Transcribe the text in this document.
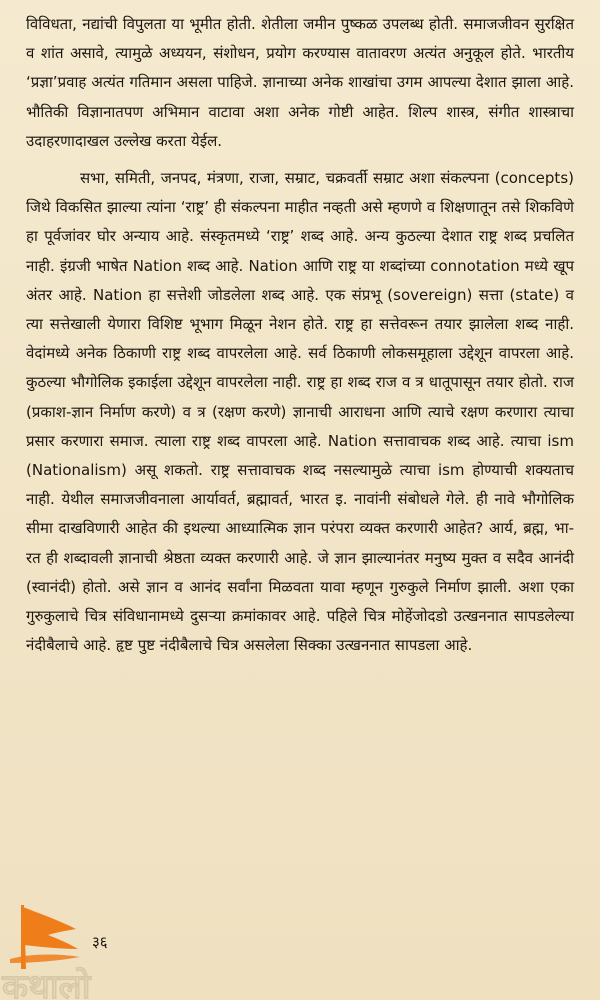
विविधता, नद्यांची विपुलता या भूमीत होती. शेतीला जमीन पुष्कळ उपलब्ध होती. समाजजीवन सुरक्षित व शांत असावे, त्यामुळे अध्ययन, संशोधन, प्रयोग करण्यास वातावरण अत्यंत अनुकूल होते. भारतीय ‘प्रज्ञा’प्रवाह अत्यंत गतिमान असला पाहिजे. ज्ञानाच्या अनेक शाखांचा उगम आपल्या देशात झाला आहे. भौतिकी विज्ञानातपण अभिमान वाटावा अशा अनेक गोष्टी आहेत. शिल्प शास्त्र, संगीत शास्त्राचा उदाहरणादाखल उल्लेख करता येईल.

सभा, समिती, जनपद, मंत्रणा, राजा, सम्राट, चक्रवर्ती सम्राट अशा संकल्पना (concepts) जिथे विकसित झाल्या त्यांना ‘राष्ट्र’ ही संकल्पना माहीत नव्हती असे म्हणणे व शिक्षणातून तसे शिकविणे हा पूर्वजांवर घोर अन्याय आहे. संस्कृतमध्ये ‘राष्ट्र’ शब्द आहे. अन्य कुठल्या देशात राष्ट्र शब्द प्रचलित नाही. इंग्रजी भाषेत Nation शब्द आहे. Nation आणि राष्ट्र या शब्दांच्या connotation मध्ये खूप अंतर आहे. Nation हा सत्तेशी जोडलेला शब्द आहे. एक संप्रभू (sovereign) सत्ता (state) व त्या सत्तेखाली येणारा विशिष्ट भूभाग मिळून नेशन होते. राष्ट्र हा सत्तेवरून तयार झालेला शब्द नाही. वेदांमध्ये अनेक ठिकाणी राष्ट्र शब्द वापरलेला आहे. सर्व ठिकाणी लोकसमूहाला उद्देशून वापरला आहे. कुठल्या भौगोलिक इकाईला उद्देशून वापरलेला नाही. राष्ट्र हा शब्द राज व त्र धातूपासून तयार होतो. राज (प्रकाश-ज्ञान निर्माण करणे) व त्र (रक्षण करणे) ज्ञानाची आराधना आणि त्याचे रक्षण करणारा त्याचा प्रसार करणारा समाज. त्याला राष्ट्र शब्द वापरला आहे. Nation सत्तावाचक शब्द आहे. त्याचा ism (Nationalism) असू शकतो. राष्ट्र सत्तावाचक शब्द नसल्यामुळे त्याचा ism होण्याची शक्यताच नाही. येथील समाजजीवनाला आर्यावर्त, ब्रह्मावर्त, भारत इ. नावांनी संबोधले गेले. ही नावे भौगोलिक सीमा दाखविणारी आहेत की इथल्या आध्यात्मिक ज्ञान परंपरा व्यक्त करणारी आहेत? आर्य, ब्रह्म, भा-रत ही शब्दावली ज्ञानाची श्रेष्ठता व्यक्त करणारी आहे. जे ज्ञान झाल्यानंतर मनुष्य मुक्त व सदैव आनंदी (स्वानंदी) होतो. असे ज्ञान व आनंद सर्वांना मिळवता यावा म्हणून गुरुकुले निर्माण झाली. अशा एका गुरुकुलाचे चित्र संविधानामध्ये दुसऱ्या क्रमांकावर आहे. पहिले चित्र मोहेंजोदडो उत्खननात सापडलेल्या नंदीबैलाचे आहे. हृष्ट पुष्ट नंदीबैलाचे चित्र असलेला सिक्का उत्खननात सापडला आहे.

३६
कथालो
